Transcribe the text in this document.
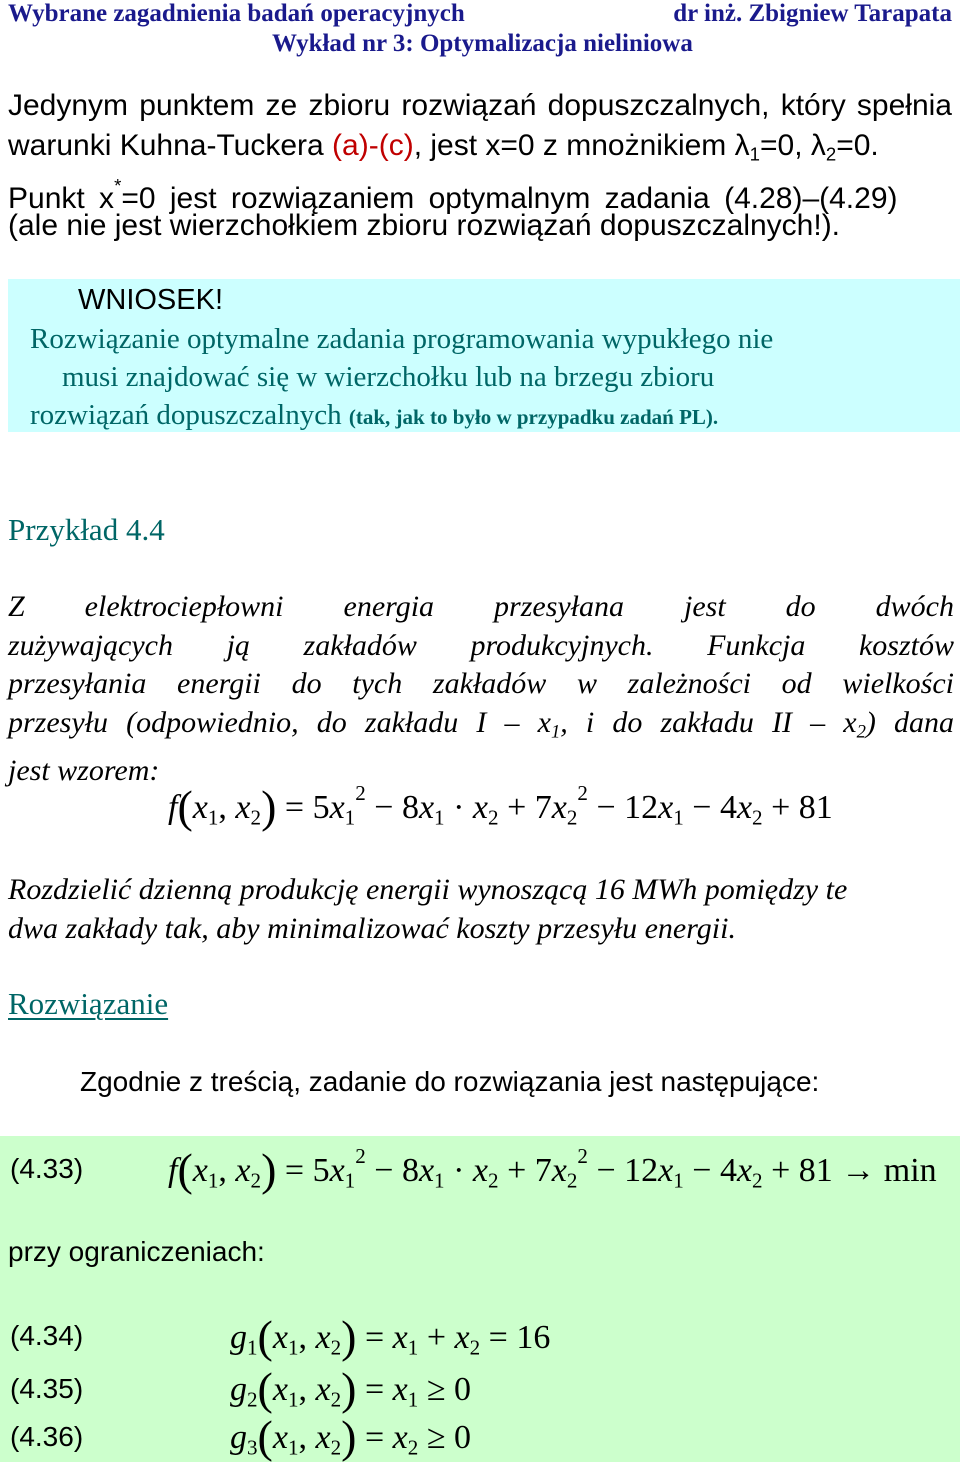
Wybrane zagadnienia badań operacyjnych	dr inż. Zbigniew Tarapata
Wykład nr 3: Optymalizacja nieliniowa
Jedynym punktem ze zbioru rozwiązań dopuszczalnych, który spełnia
warunki Kuhna-Tuckera (a)-(c), jest x=0 z mnożnikiem $\lambda_1=0$, $\lambda_2=0$.
Punkt x*=0 jest rozwiązaniem optymalnym zadania (4.28)–(4.29)
(ale nie jest wierzchołkiem zbioru rozwiązań dopuszczalnych!).
WNIOSEK!
Rozwiązanie optymalne zadania programowania wypukłego nie
musi znajdować się w wierzchołku lub na brzegu zbioru
rozwiązań dopuszczalnych (tak, jak to było w przypadku zadań PL).
Przykład 4.4
Z elektrociepłowni energia przesyłana jest do dwóch
zużywających ją zakładów produkcyjnych. Funkcja kosztów
przesyłania energii do tych zakładów w zależności od wielkości
przesyłu (odpowiednio, do zakładu I – $x_1$, i do zakładu II – $x_2$) dana
jest wzorem:
$f(x_1$, $x_2) = 5x_1^2 - 8x_1 \cdot x_2 + 7x_2^2 - 12x_1 - 4x_2 + 81$
Rozdzielić dzienną produkcję energii wynoszącą 16 MWh pomiędzy te
dwa zakłady tak, aby minimalizować koszty przesyłu energii.
Rozwiązanie
Zgodnie z treścią, zadanie do rozwiązania jest następujące:
(4.33) $f(x_1$, $x_2) = 5x_1^2 - 8x_1 \cdot x_2 + 7x_2^2 - 12x_1 - 4x_2 + 81 \to \min$
przy ograniczeniach:
(4.34)	$g_1(x_1$, $x_2) = x_1 + x_2 = 16$
(4.35)	$g_2(x_1$, $x_2) = x_1 \ge 0$
(4.36)	$g_3(x_1$, $x_2) = x_2 \ge 0$
